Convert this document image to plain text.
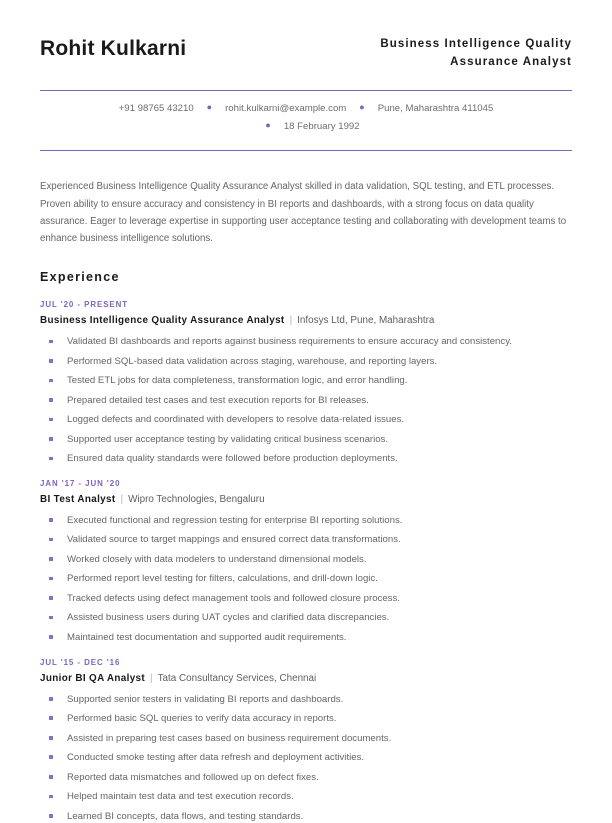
Rohit Kulkarni	Business Intelligence Quality Assurance Analyst
+91 98765 43210 ● rohit.kulkarni@example.com ● Pune, Maharashtra 411045
● 18 February 1992
Experienced Business Intelligence Quality Assurance Analyst skilled in data validation, SQL testing, and ETL processes. Proven ability to ensure accuracy and consistency in BI reports and dashboards, with a strong focus on data quality assurance. Eager to leverage expertise in supporting user acceptance testing and collaborating with development teams to enhance business intelligence solutions.
Experience
JUL '20 - PRESENT
Business Intelligence Quality Assurance Analyst | Infosys Ltd, Pune, Maharashtra
Validated BI dashboards and reports against business requirements to ensure accuracy and consistency.
Performed SQL-based data validation across staging, warehouse, and reporting layers.
Tested ETL jobs for data completeness, transformation logic, and error handling.
Prepared detailed test cases and test execution reports for BI releases.
Logged defects and coordinated with developers to resolve data-related issues.
Supported user acceptance testing by validating critical business scenarios.
Ensured data quality standards were followed before production deployments.
JAN '17 - JUN '20
BI Test Analyst | Wipro Technologies, Bengaluru
Executed functional and regression testing for enterprise BI reporting solutions.
Validated source to target mappings and ensured correct data transformations.
Worked closely with data modelers to understand dimensional models.
Performed report level testing for filters, calculations, and drill-down logic.
Tracked defects using defect management tools and followed closure process.
Assisted business users during UAT cycles and clarified data discrepancies.
Maintained test documentation and supported audit requirements.
JUL '15 - DEC '16
Junior BI QA Analyst | Tata Consultancy Services, Chennai
Supported senior testers in validating BI reports and dashboards.
Performed basic SQL queries to verify data accuracy in reports.
Assisted in preparing test cases based on business requirement documents.
Conducted smoke testing after data refresh and deployment activities.
Reported data mismatches and followed up on defect fixes.
Helped maintain test data and test execution records.
Learned BI concepts, data flows, and testing standards.
